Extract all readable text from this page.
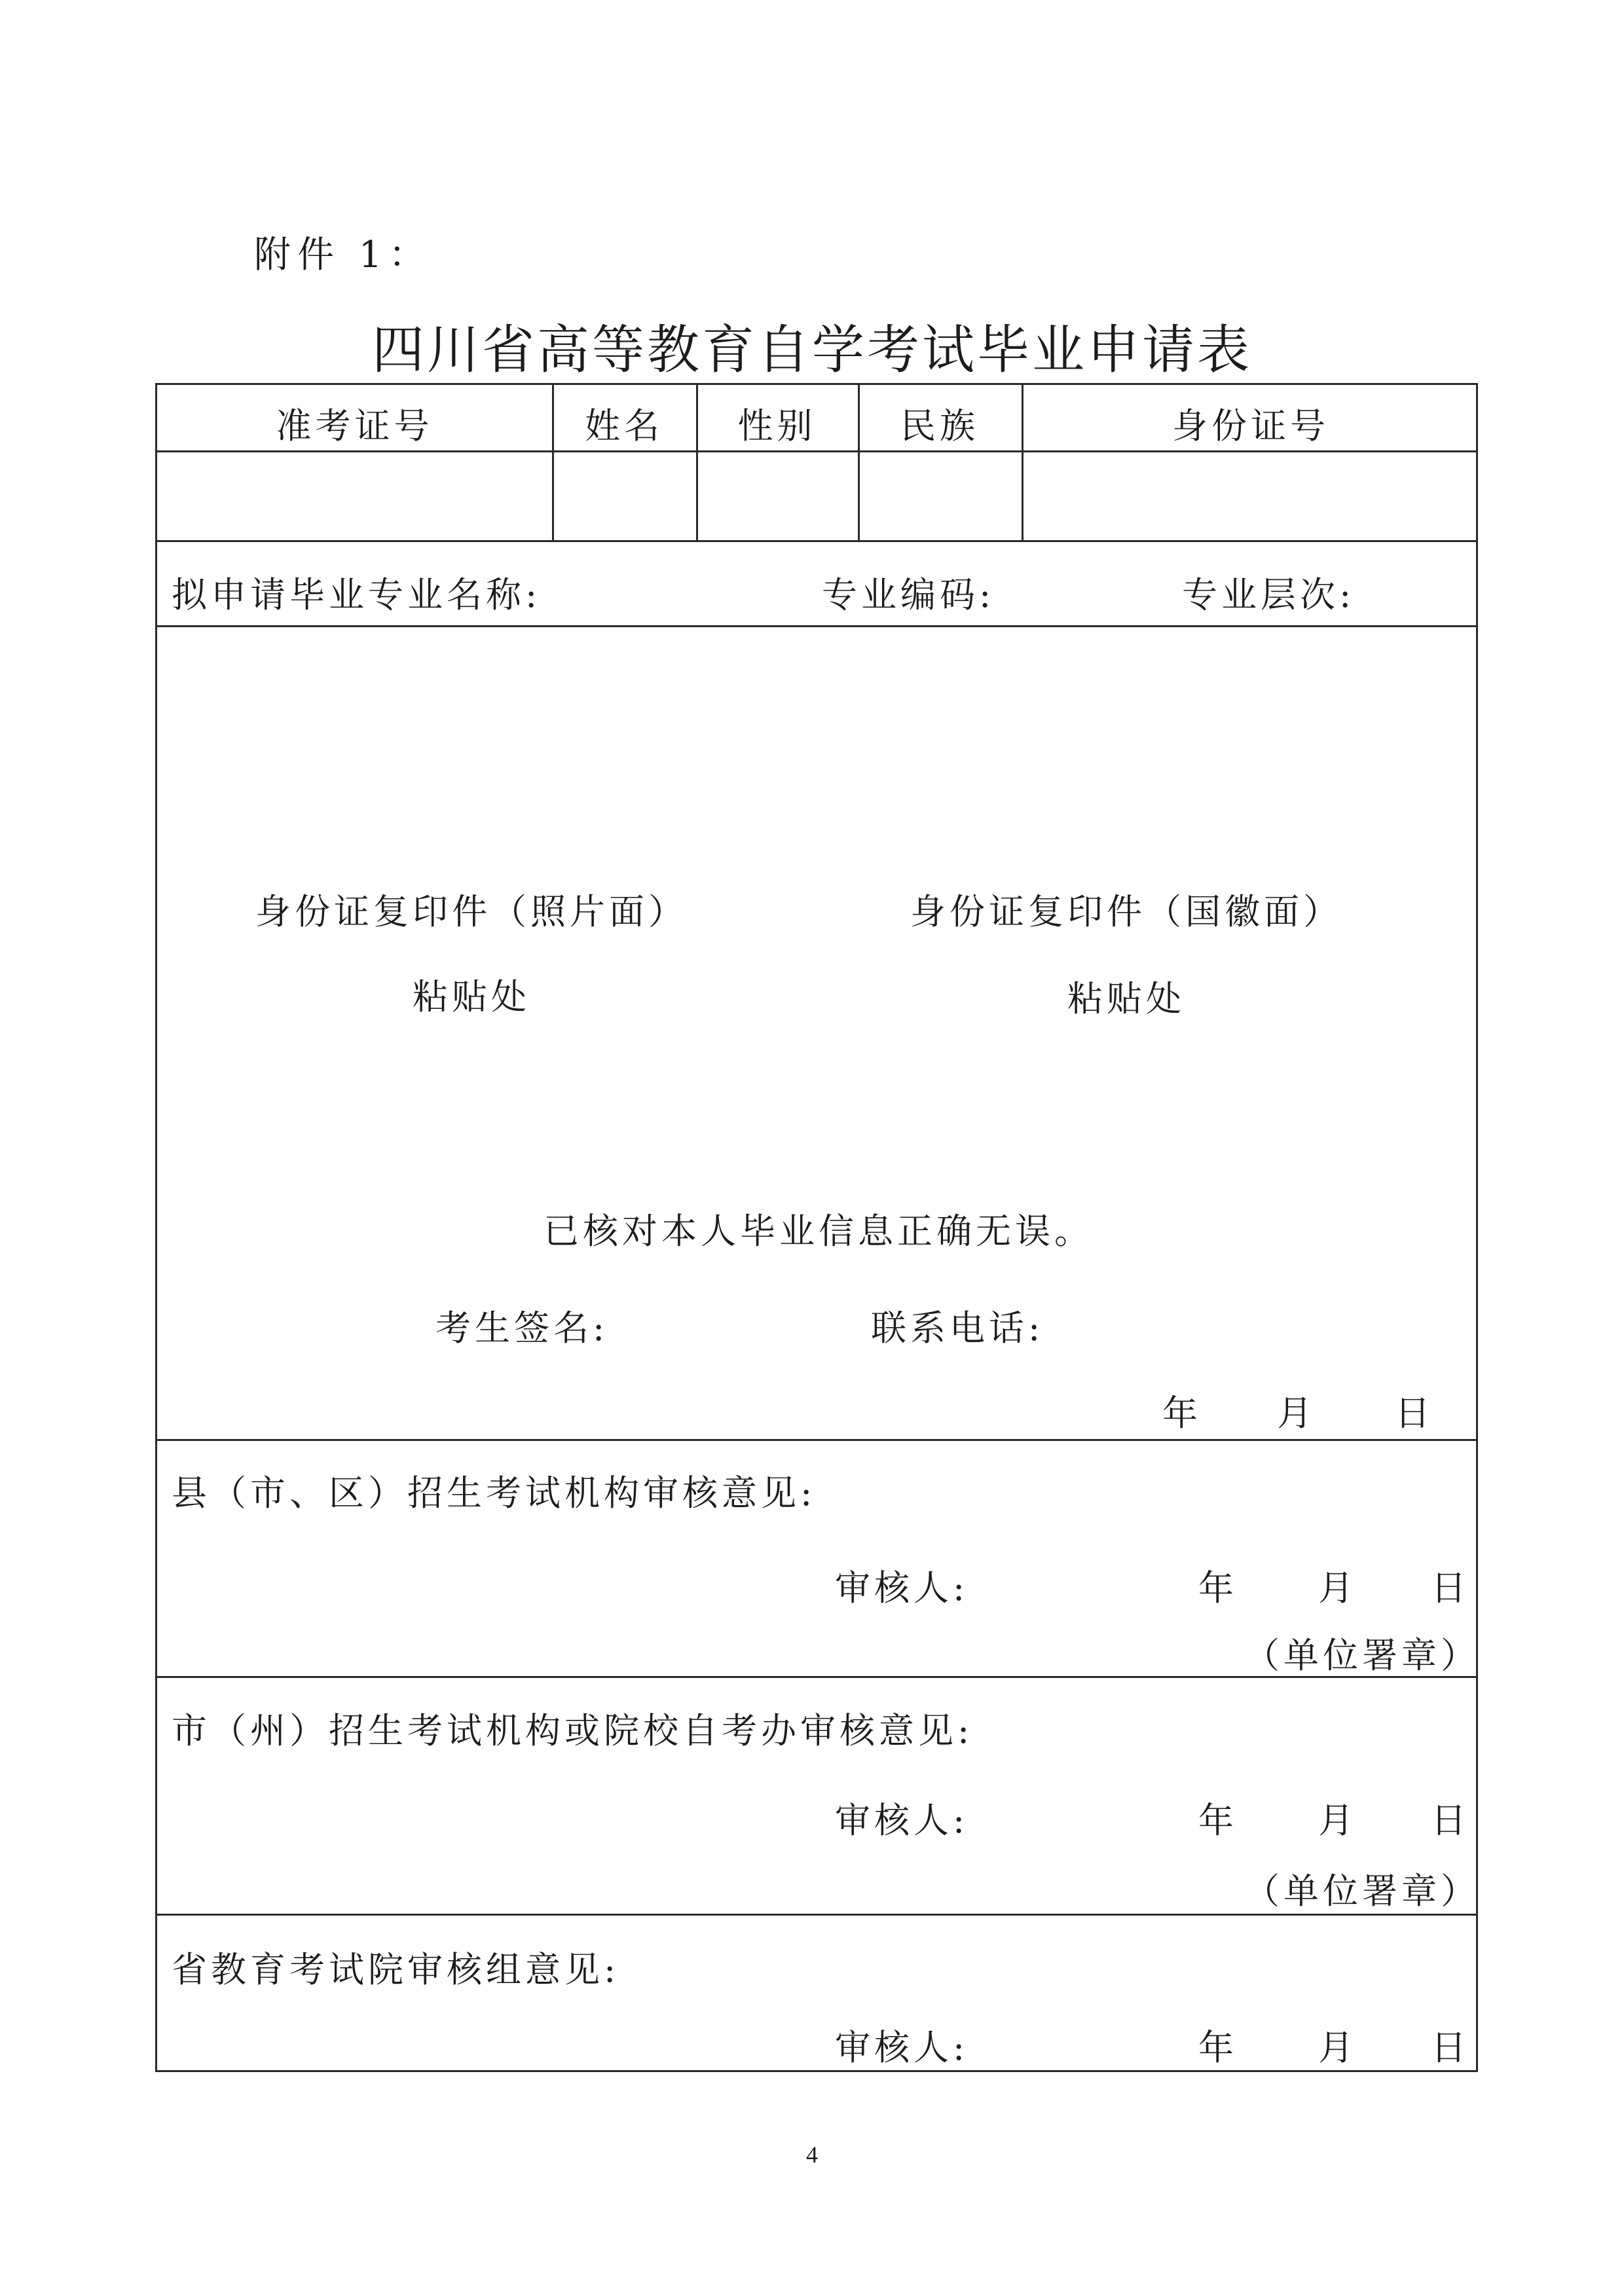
附件 1：
四川省高等教育自学考试毕业申请表
准考证号	姓名	性别	民族	身份证号
拟申请毕业专业名称:	专业编码:	专业层次:
身份证复印件（照片面）
粘贴处
身份证复印件（国徽面）
粘贴处
已核对本人毕业信息正确无误。
考生签名:	联系电话:
年 月 日
县（市、区）招生考试机构审核意见:
审核人:	年 月 日
（单位署章）
市（州）招生考试机构或院校自考办审核意见:
审核人:	年 月 日
（单位署章）
省教育考试院审核组意见:
审核人:	年 月 日
4
